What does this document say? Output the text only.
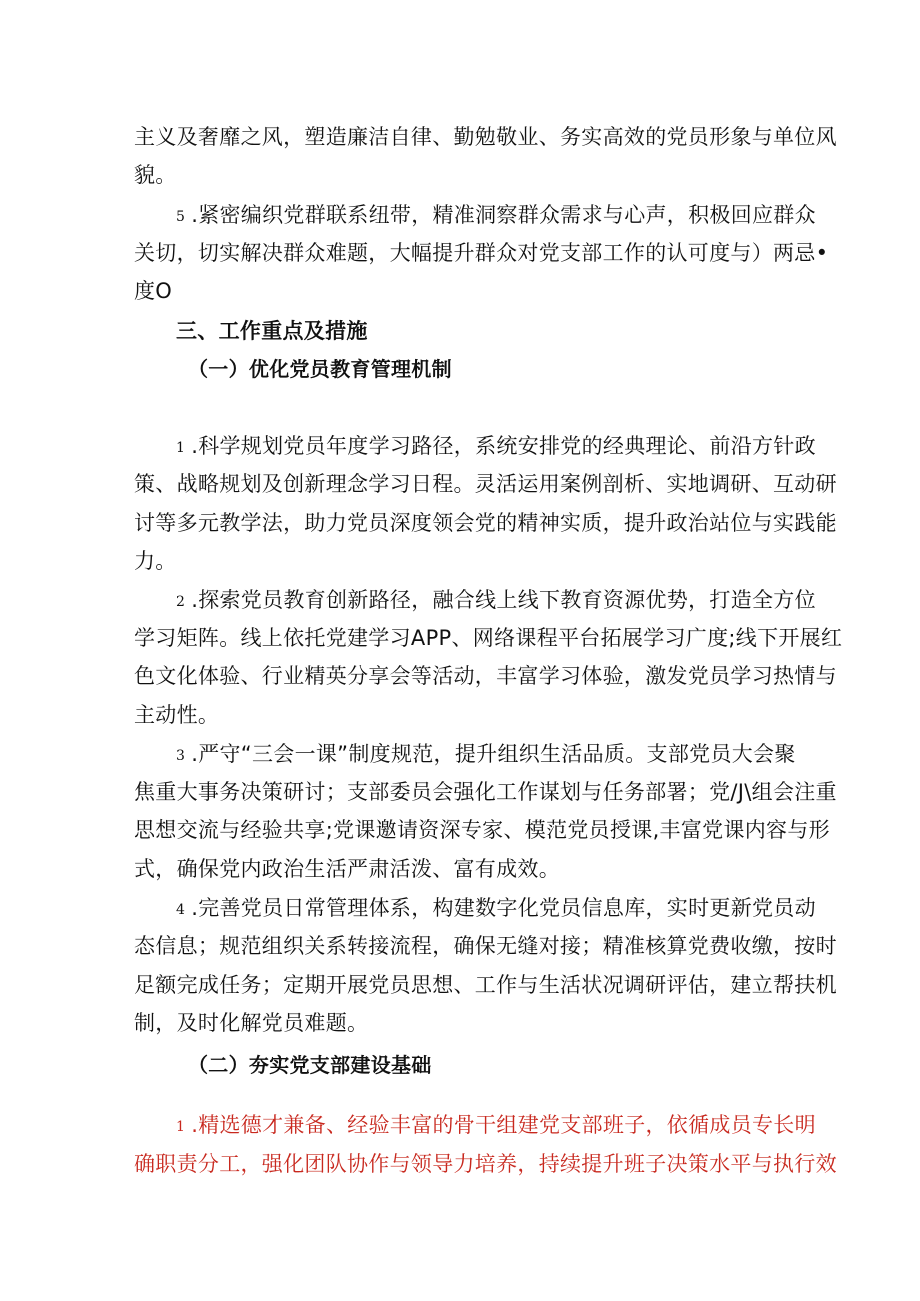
主义及奢靡之风，塑造廉洁自律、勤勉敬业、务实高效的党员形象与单位风
貌。
5 .紧密编织党群联系纽带，精准洞察群众需求与心声，积极回应群众
关切，切实解决群众难题，大幅提升群众对党支部工作的认可度与）两忌•
度O
三、工作重点及措施
（一）优化党员教育管理机制
1 .科学规划党员年度学习路径，系统安排党的经典理论、前沿方针政
策、战略规划及创新理念学习日程。灵活运用案例剖析、实地调研、互动研
讨等多元教学法，助力党员深度领会党的精神实质，提升政治站位与实践能
力。
2 .探索党员教育创新路径，融合线上线下教育资源优势，打造全方位
学习矩阵。线上依托党建学习APP、网络课程平台拓展学习广度;线下开展红
色文化体验、行业精英分享会等活动，丰富学习体验，激发党员学习热情与
主动性。
3 .严守“三会一课”制度规范，提升组织生活品质。支部党员大会聚
焦重大事务决策研讨；支部委员会强化工作谋划与任务部署；党/J\组会注重
思想交流与经验共享;党课邀请资深专家、模范党员授课,丰富党课内容与形
式，确保党内政治生活严肃活泼、富有成效。
4 .完善党员日常管理体系，构建数字化党员信息库，实时更新党员动
态信息；规范组织关系转接流程，确保无缝对接；精准核算党费收缴，按时
足额完成任务；定期开展党员思想、工作与生活状况调研评估，建立帮扶机
制，及时化解党员难题。
（二）夯实党支部建设基础
1 .精选德才兼备、经验丰富的骨干组建党支部班子，依循成员专长明
确职责分工，强化团队协作与领导力培养，持续提升班子决策水平与执行效
